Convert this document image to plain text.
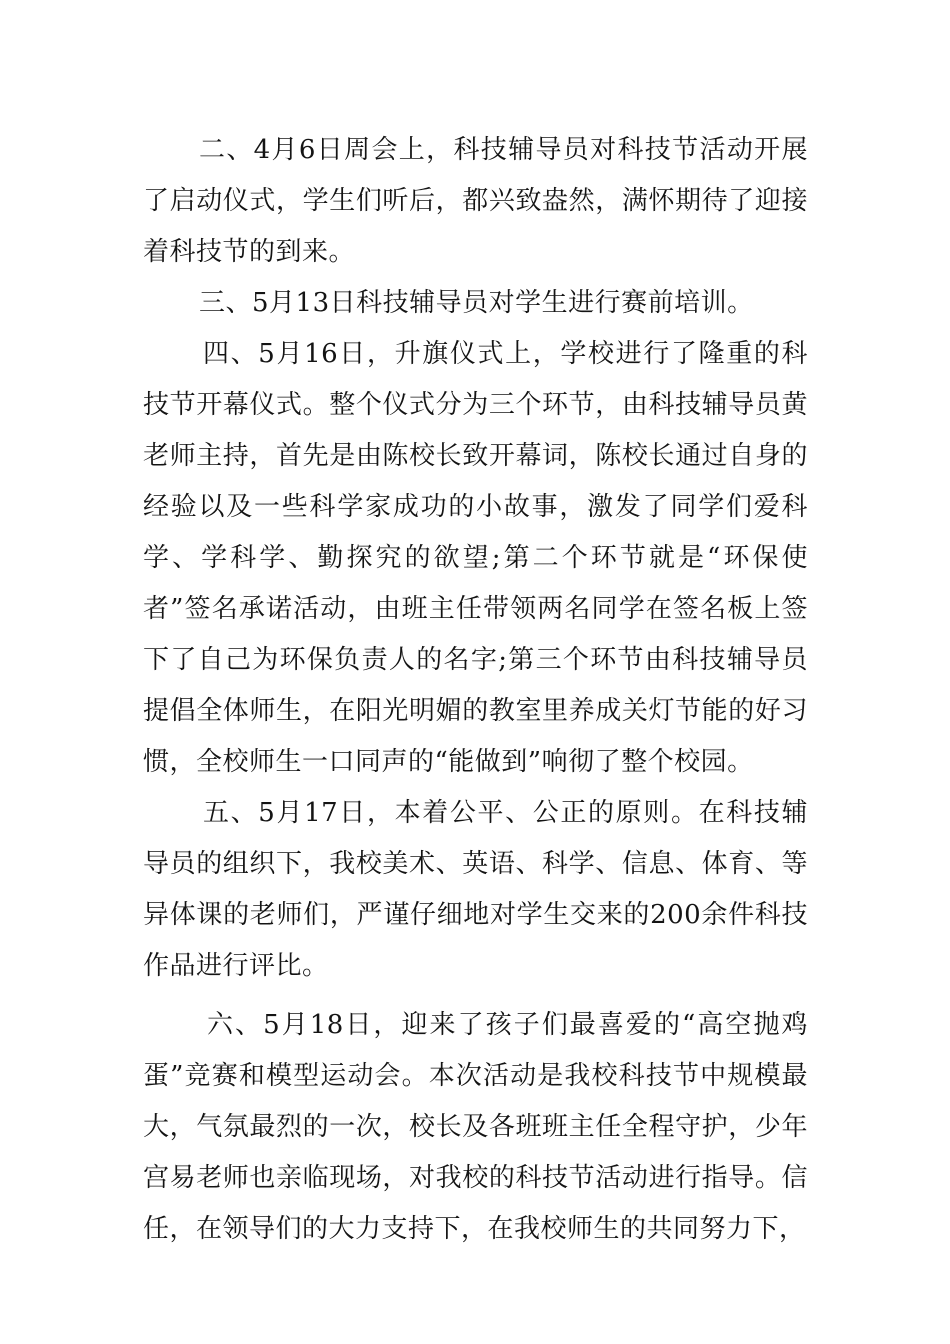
二、4月6日周会上，科技辅导员对科技节活动开展了启动仪式，学生们听后，都兴致盎然，满怀期待了迎接着科技节的到来。

三、5月13日科技辅导员对学生进行赛前培训。

四、5月16日，升旗仪式上，学校进行了隆重的科技节开幕仪式。整个仪式分为三个环节，由科技辅导员黄老师主持，首先是由陈校长致开幕词，陈校长通过自身的经验以及一些科学家成功的小故事，激发了同学们爱科学、学科学、勤探究的欲望;第二个环节就是“环保使者”签名承诺活动，由班主任带领两名同学在签名板上签下了自己为环保负责人的名字;第三个环节由科技辅导员提倡全体师生，在阳光明媚的教室里养成关灯节能的好习惯，全校师生一口同声的“能做到”响彻了整个校园。

五、5月17日，本着公平、公正的原则。在科技辅导员的组织下，我校美术、英语、科学、信息、体育、等异体课的老师们，严谨仔细地对学生交来的200余件科技作品进行评比。

六、5月18日，迎来了孩子们最喜爱的“高空抛鸡蛋”竞赛和模型运动会。本次活动是我校科技节中规模最大，气氛最烈的一次，校长及各班班主任全程守护，少年宫易老师也亲临现场，对我校的科技节活动进行指导。信任，在领导们的大力支持下，在我校师生的共同努力下，
